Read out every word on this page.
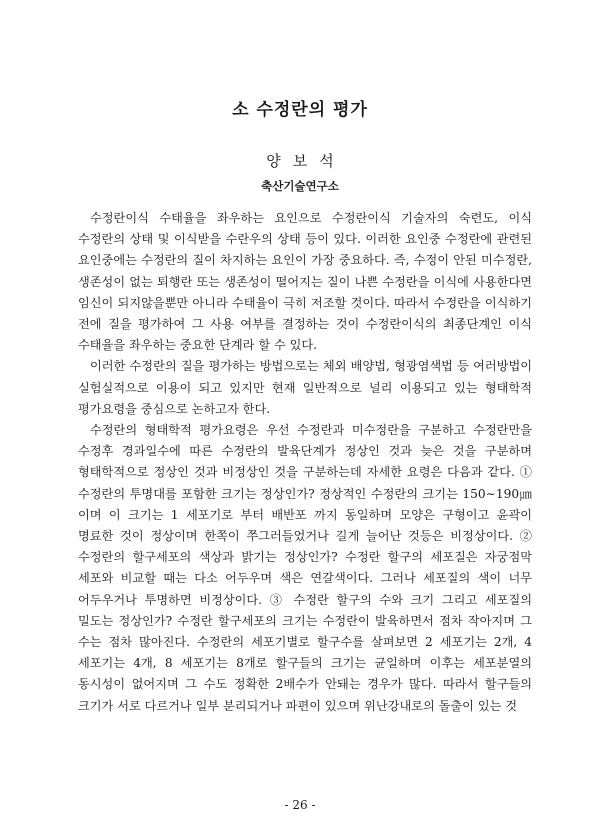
소 수정란의 평가
양보석
축산기술연구소

수정란이식 수태율을 좌우하는 요인으로 수정란이식 기술자의 숙련도, 이식 수정란의 상태 및 이식받을 수란우의 상태 등이 있다. 이러한 요인중 수정란에 관련된 요인중에는 수정란의 질이 차지하는 요인이 가장 중요하다. 즉, 수정이 안된 미수정란, 생존성이 없는 퇴행란 또는 생존성이 떨어지는 질이 나쁜 수정란을 이식에 사용한다면 임신이 되지않을뿐만 아니라 수태율이 극히 저조할 것이다. 따라서 수정란을 이식하기 전에 질을 평가하여 그 사용 여부를 결정하는 것이 수정란이식의 최종단계인 이식 수태율을 좌우하는 중요한 단계라 할 수 있다.

이러한 수정란의 질을 평가하는 방법으로는 체외 배양법, 형광염색법 등 여러방법이 실험실적으로 이용이 되고 있지만 현재 일반적으로 널리 이용되고 있는 형태학적 평가요령을 중심으로 논하고자 한다.

수정란의 형태학적 평가요령은 우선 수정란과 미수정란을 구분하고 수정란만을 수정후 경과일수에 따른 수정란의 발육단계가 정상인 것과 늦은 것을 구분하며 형태학적으로 정상인 것과 비정상인 것을 구분하는데 자세한 요령은 다음과 같다. ① 수정란의 투명대를 포함한 크기는 정상인가? 정상적인 수정란의 크기는 150∼190㎛이며 이 크기는 1 세포기로 부터 배반포 까지 동일하며 모양은 구형이고 윤곽이 명료한 것이 정상이며 한쪽이 쭈그러들었거나 길게 늘어난 것등은 비정상이다. ② 수정란의 할구세포의 색상과 밝기는 정상인가? 수정란 할구의 세포질은 자궁점막 세포와 비교할 때는 다소 어두우며 색은 연갈색이다. 그러나 세포질의 색이 너무 어두우거나 투명하면 비정상이다. ③ 수정란 할구의 수와 크기 그리고 세포질의 밀도는 정상인가? 수정란 할구세포의 크기는 수정란이 발육하면서 점차 작아지며 그 수는 점차 많아진다. 수정란의 세포기별로 할구수를 살펴보면 2 세포기는 2개, 4 세포기는 4개, 8 세포기는 8개로 할구들의 크기는 균일하며 이후는 세포분열의 동시성이 없어지며 그 수도 정확한 2배수가 안돼는 경우가 많다. 따라서 할구들의 크기가 서로 다르거나 일부 분리되거나 파편이 있으며 위난강내로의 돌출이 있는 것

- 26 -
